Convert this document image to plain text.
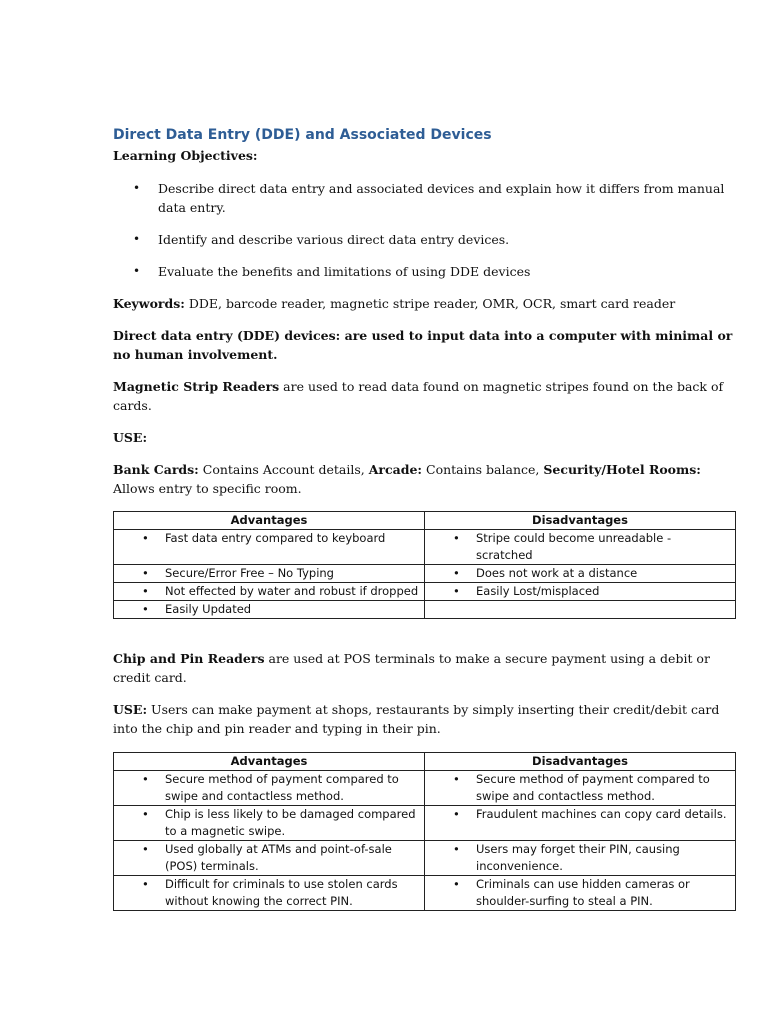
Direct Data Entry (DDE) and Associated Devices

Learning Objectives:

• Describe direct data entry and associated devices and explain how it differs from manual data entry.
• Identify and describe various direct data entry devices.
• Evaluate the benefits and limitations of using DDE devices

Keywords: DDE, barcode reader, magnetic stripe reader, OMR, OCR, smart card reader

Direct data entry (DDE) devices: are used to input data into a computer with minimal or no human involvement.

Magnetic Strip Readers are used to read data found on magnetic stripes found on the back of cards.

USE:

Bank Cards: Contains Account details, Arcade: Contains balance, Security/Hotel Rooms: Allows entry to specific room.

Advantages	Disadvantages

• Fast data entry compared to keyboard	• Stripe could become unreadable - scratched

• Secure/Error Free – No Typing	• Does not work at a distance

• Not effected by water and robust if dropped	• Easily Lost/misplaced

• Easily Updated	

Chip and Pin Readers are used at POS terminals to make a secure payment using a debit or credit card.

USE: Users can make payment at shops, restaurants by simply inserting their credit/debit card into the chip and pin reader and typing in their pin.

Advantages	Disadvantages

• Secure method of payment compared to swipe and contactless method.	• Secure method of payment compared to swipe and contactless method.

• Chip is less likely to be damaged compared to a magnetic swipe.	• Fraudulent machines can copy card details.

• Used globally at ATMs and point-of-sale (POS) terminals.	• Users may forget their PIN, causing inconvenience.

• Difficult for criminals to use stolen cards without knowing the correct PIN.	• Criminals can use hidden cameras or shoulder-surfing to steal a PIN.
